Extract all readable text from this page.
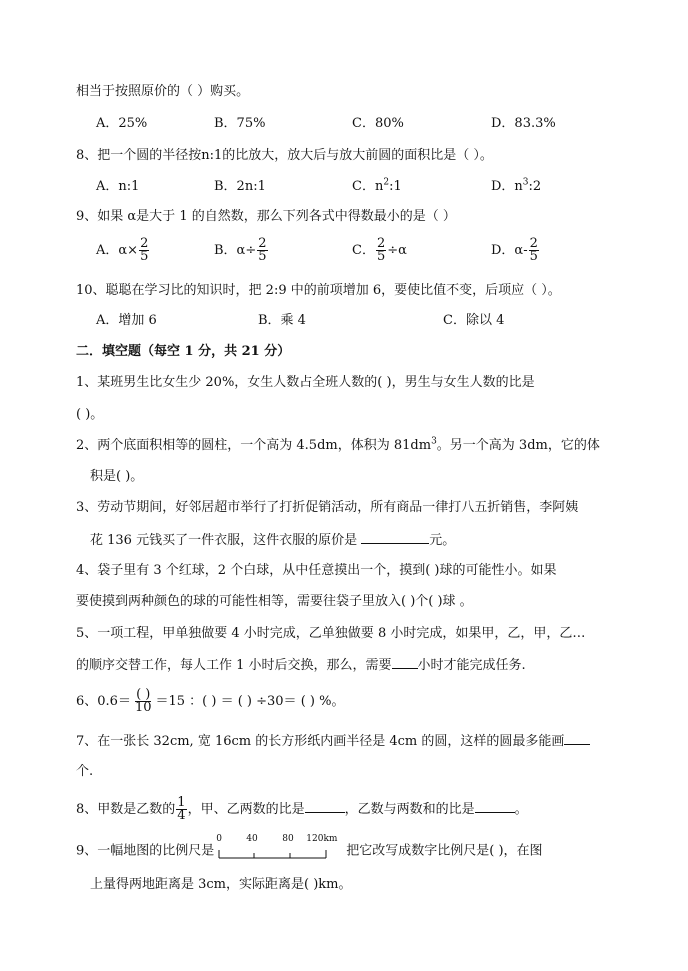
相当于按照原价的（ ）购买。
A．25%	B．75%	C．80%	D．83.3%
8、把一个圆的半径按n:1的比放大，放大后与放大前圆的面积比是（ ）。
A．n:1	B．2n:1	C．$n^2:1$	D．$n^3:2$
9、如果 α是大于 1 的自然数，那么下列各式中得数最小的是（ ）
A．$\alpha\times \frac{2}{5}$	B．$\alpha\div \frac{2}{5}$	C． $\frac{2}{5} \div\alpha$	D．$\alpha- \frac{2}{5}$
10、聪聪在学习比的知识时，把 2:9 中的前项增加 6，要使比值不变，后项应（ ）。
A．增加 6	B．乘 4	C．除以 4
二．填空题（每空 1 分，共 21 分）
1、某班男生比女生少 20%，女生人数占全班人数的( )，男生与女生人数的比是
( )。
2、两个底面积相等的圆柱，一个高为 4.5dm，体积为 $81dm^3$。另一个高为 3dm，它的体
积是( )。
3、劳动节期间，好邻居超市举行了打折促销活动，所有商品一律打八五折销售，李阿姨
花 136 元钱买了一件衣服，这件衣服的原价是	元。
4、袋子里有 3 个红球，2 个白球，从中任意摸出一个，摸到( )球的可能性小。如果
要使摸到两种颜色的球的可能性相等，需要往袋子里放入( )个( )球 。
5、一项工程，甲单独做要 4 小时完成，乙单独做要 8 小时完成，如果甲，乙，甲，乙…
的顺序交替工作，每人工作 1 小时后交换，那么，需要 小时才能完成任务.
6、$0.6= \frac{( )}{10} =15$ ：( ) ＝ ( ) ÷30＝ ( ) %。
7、在一张长 32cm, 宽 16cm 的长方形纸内画半径是 4cm 的圆，这样的圆最多能画
个.
8、甲数是乙数的 $\frac{1}{4}$ ，甲、乙两数的比是	，乙数与两数和的比是	。
9、一幅地图的比例尺是
0	40	80 120km
把它改写成数字比例尺是( )，在图
上量得两地距离是 3cm，实际距离是( )km。
